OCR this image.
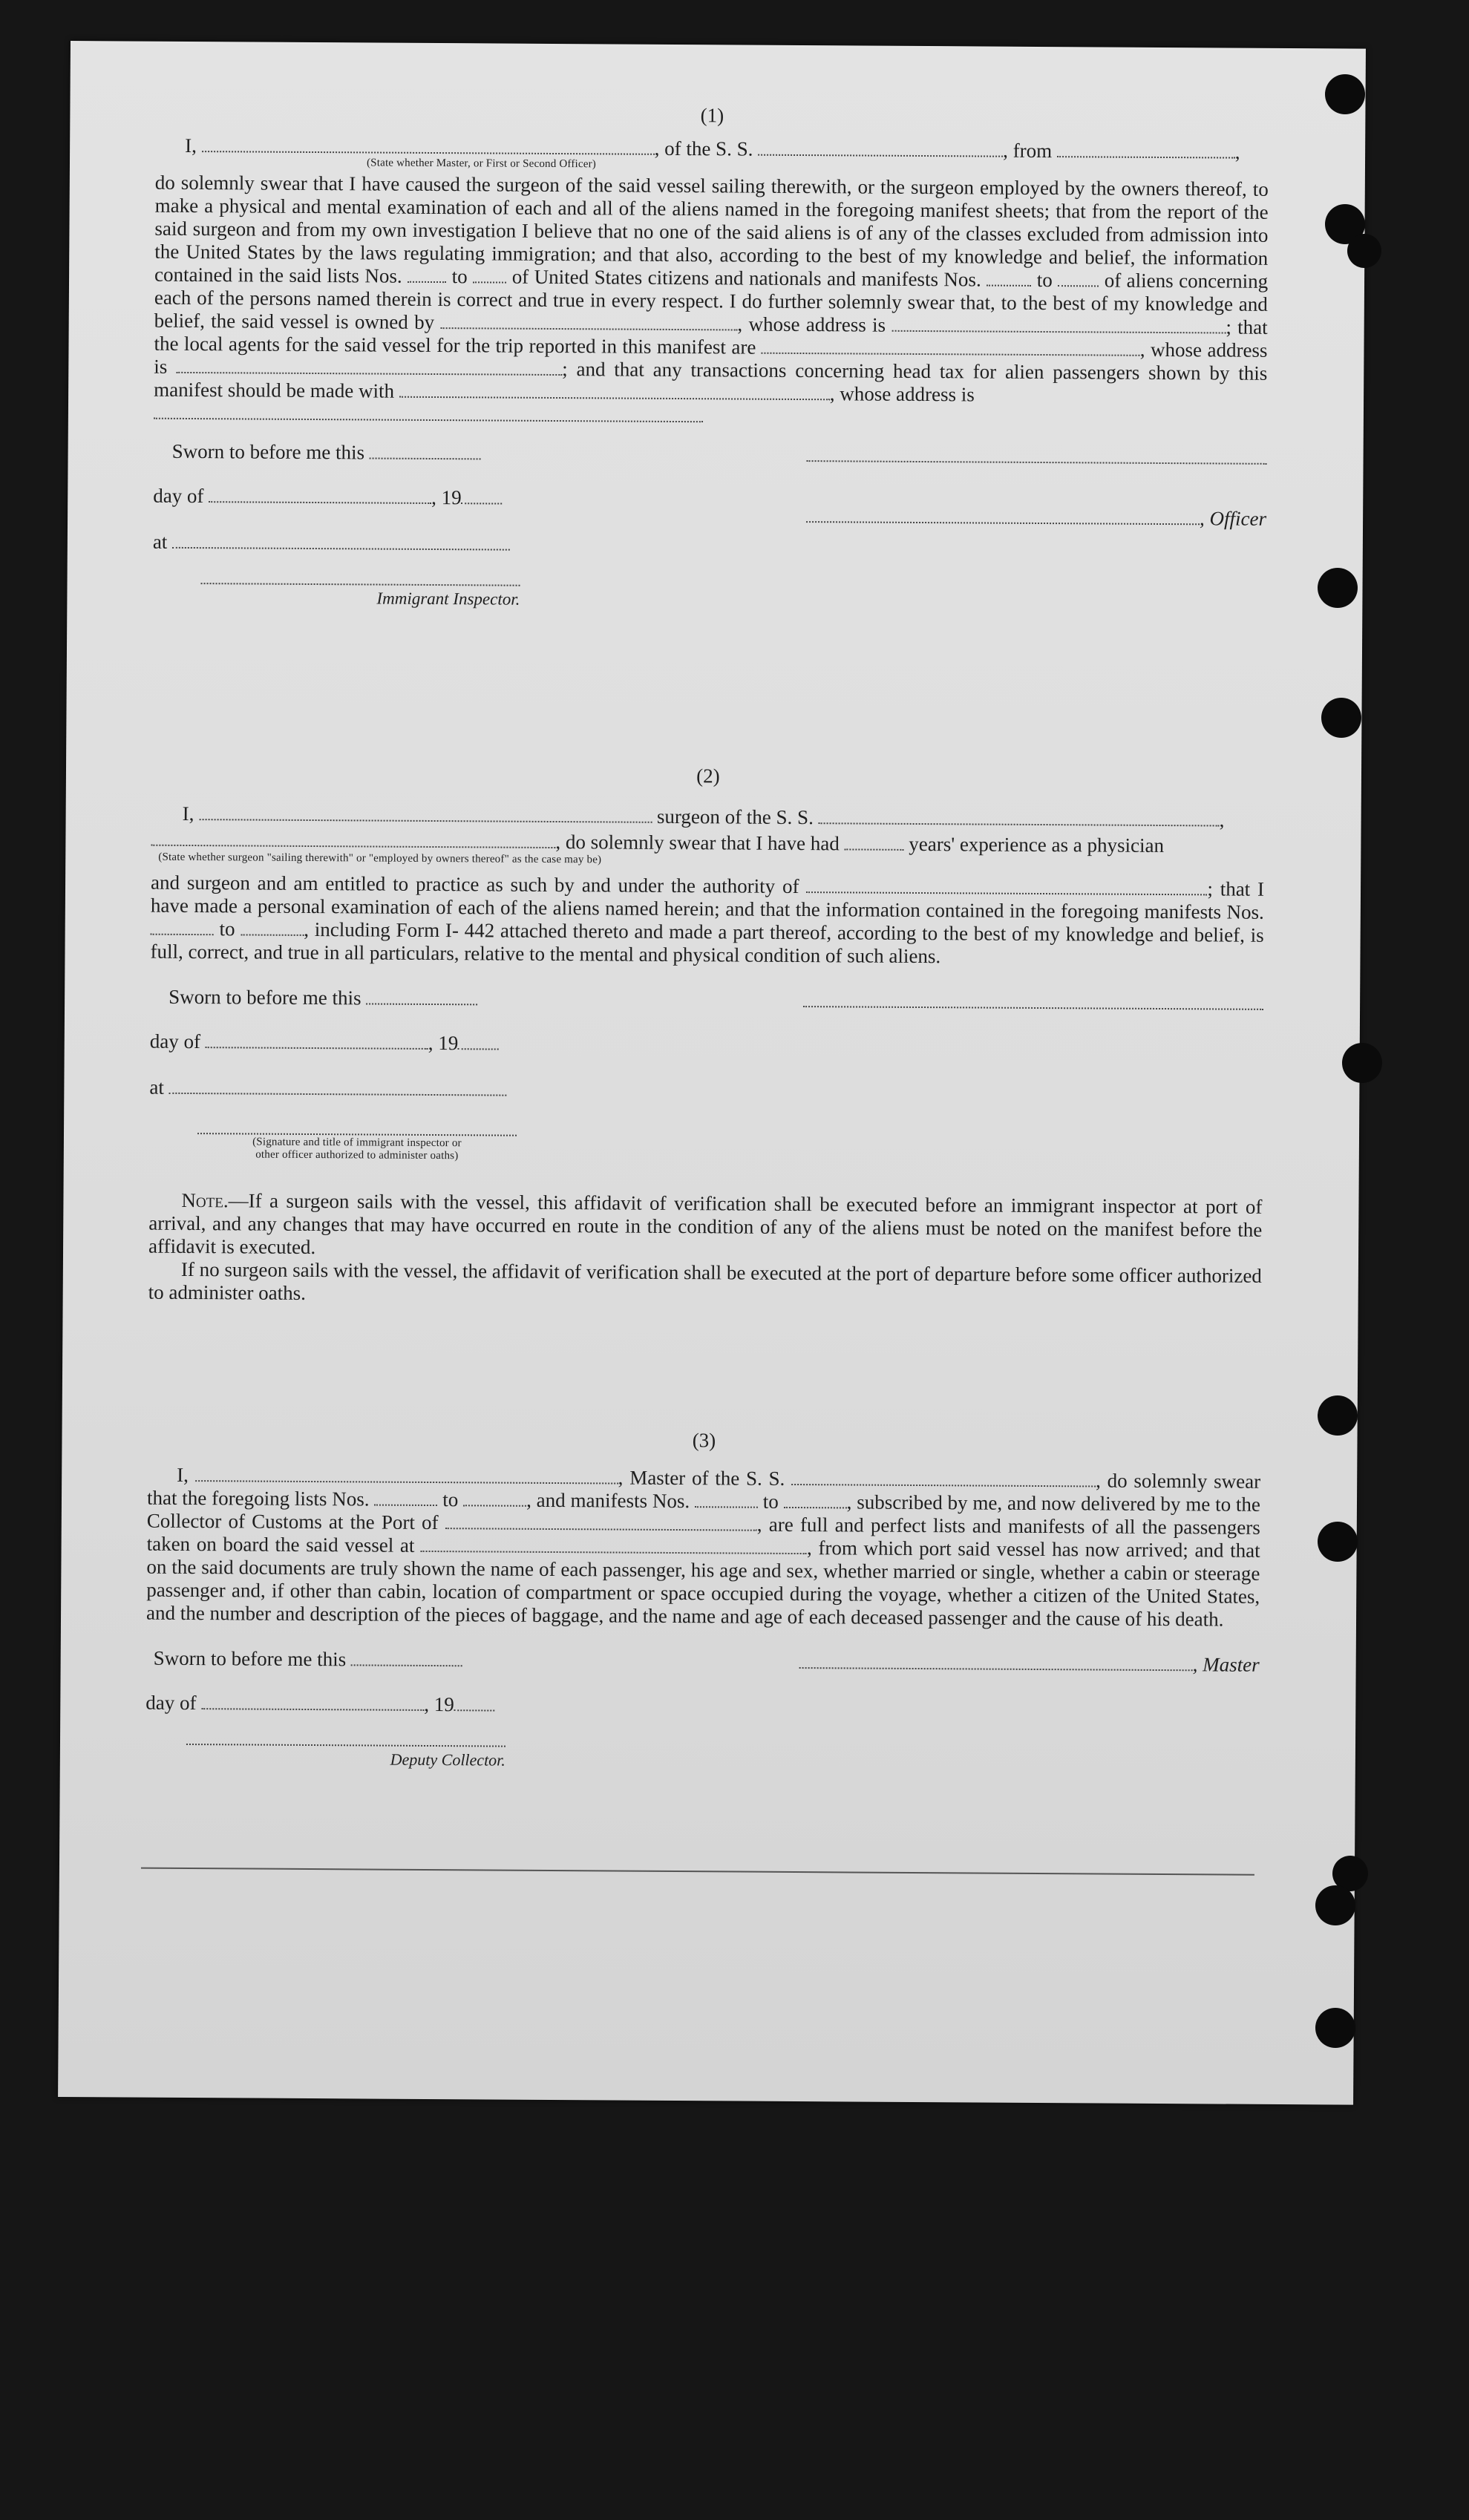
(1)
I,	, of the S. S.	, from	,
(State whether Master, or First or Second Officer)
do solemnly swear that I have caused the surgeon of the said vessel sailing therewith, or the surgeon employed by the owners thereof, to make a physical and mental examination of each and all of the aliens named in the foregoing manifest sheets; that from the report of the said surgeon and from my own investigation I believe that no one of the said aliens is of any of the classes excluded from admission into the United States by the laws regulating immigration; and that also, according to the best of my knowledge and belief, the information contained in the said lists Nos. to of United States citizens and nationals and manifests Nos.	to	of aliens concerning each of the persons named therein is correct and true in every respect. I do further solemnly swear that, to the best of my knowledge and belief, the said vessel is owned by	, whose address is	; that the local agents for the said vessel for the trip reported in this manifest are	, whose address is	; and that any transactions concerning head tax for alien passengers shown by this manifest should be made with	, whose address is
Sworn to before me this
day of	, 19
, Officer
at
Immigrant Inspector.
(2)
I,	surgeon of the S. S.	,
, do solemnly swear that I have had	years' experience as a physician
(State whether surgeon "sailing therewith" or "employed by owners thereof" as the case may be)
and surgeon and am entitled to practice as such by and under the authority of	; that I have made a personal examination of each of the aliens named herein; and that the information contained in the foregoing manifests Nos.  to	, including Form I- 442 attached thereto and made a part thereof, according to the best of my knowledge and belief, is full, correct, and true in all particulars, relative to the mental and physical condition of such aliens.
Sworn to before me this
day of	, 19
at
(Signature and title of immigrant inspector or
other officer authorized to administer oaths)
Note.—If a surgeon sails with the vessel, this affidavit of verification shall be executed before an immigrant inspector at port of arrival, and any changes that may have occurred en route in the condition of any of the aliens must be noted on the manifest before the affidavit is executed.
If no surgeon sails with the vessel, the affidavit of verification shall be executed at the port of departure before some officer authorized to administer oaths.
(3)
I,	, Master of the S. S.	, do solemnly swear that the foregoing lists Nos.	to	, and manifests Nos.	to	, subscribed by me, and now delivered by me to the Collector of Customs at the Port of	, are full and perfect lists and manifests of all the passengers taken on board the said vessel at	, from which port said vessel has now arrived; and that on the said documents are truly shown the name of each passenger, his age and sex, whether married or single, whether a cabin or steerage passenger and, if other than cabin, location of compartment or space occupied during the voyage, whether a citizen of the United States, and the number and description of the pieces of baggage, and the name and age of each deceased passenger and the cause of his death.
Sworn to before me this	, Master
day of	, 19
Deputy Collector.
